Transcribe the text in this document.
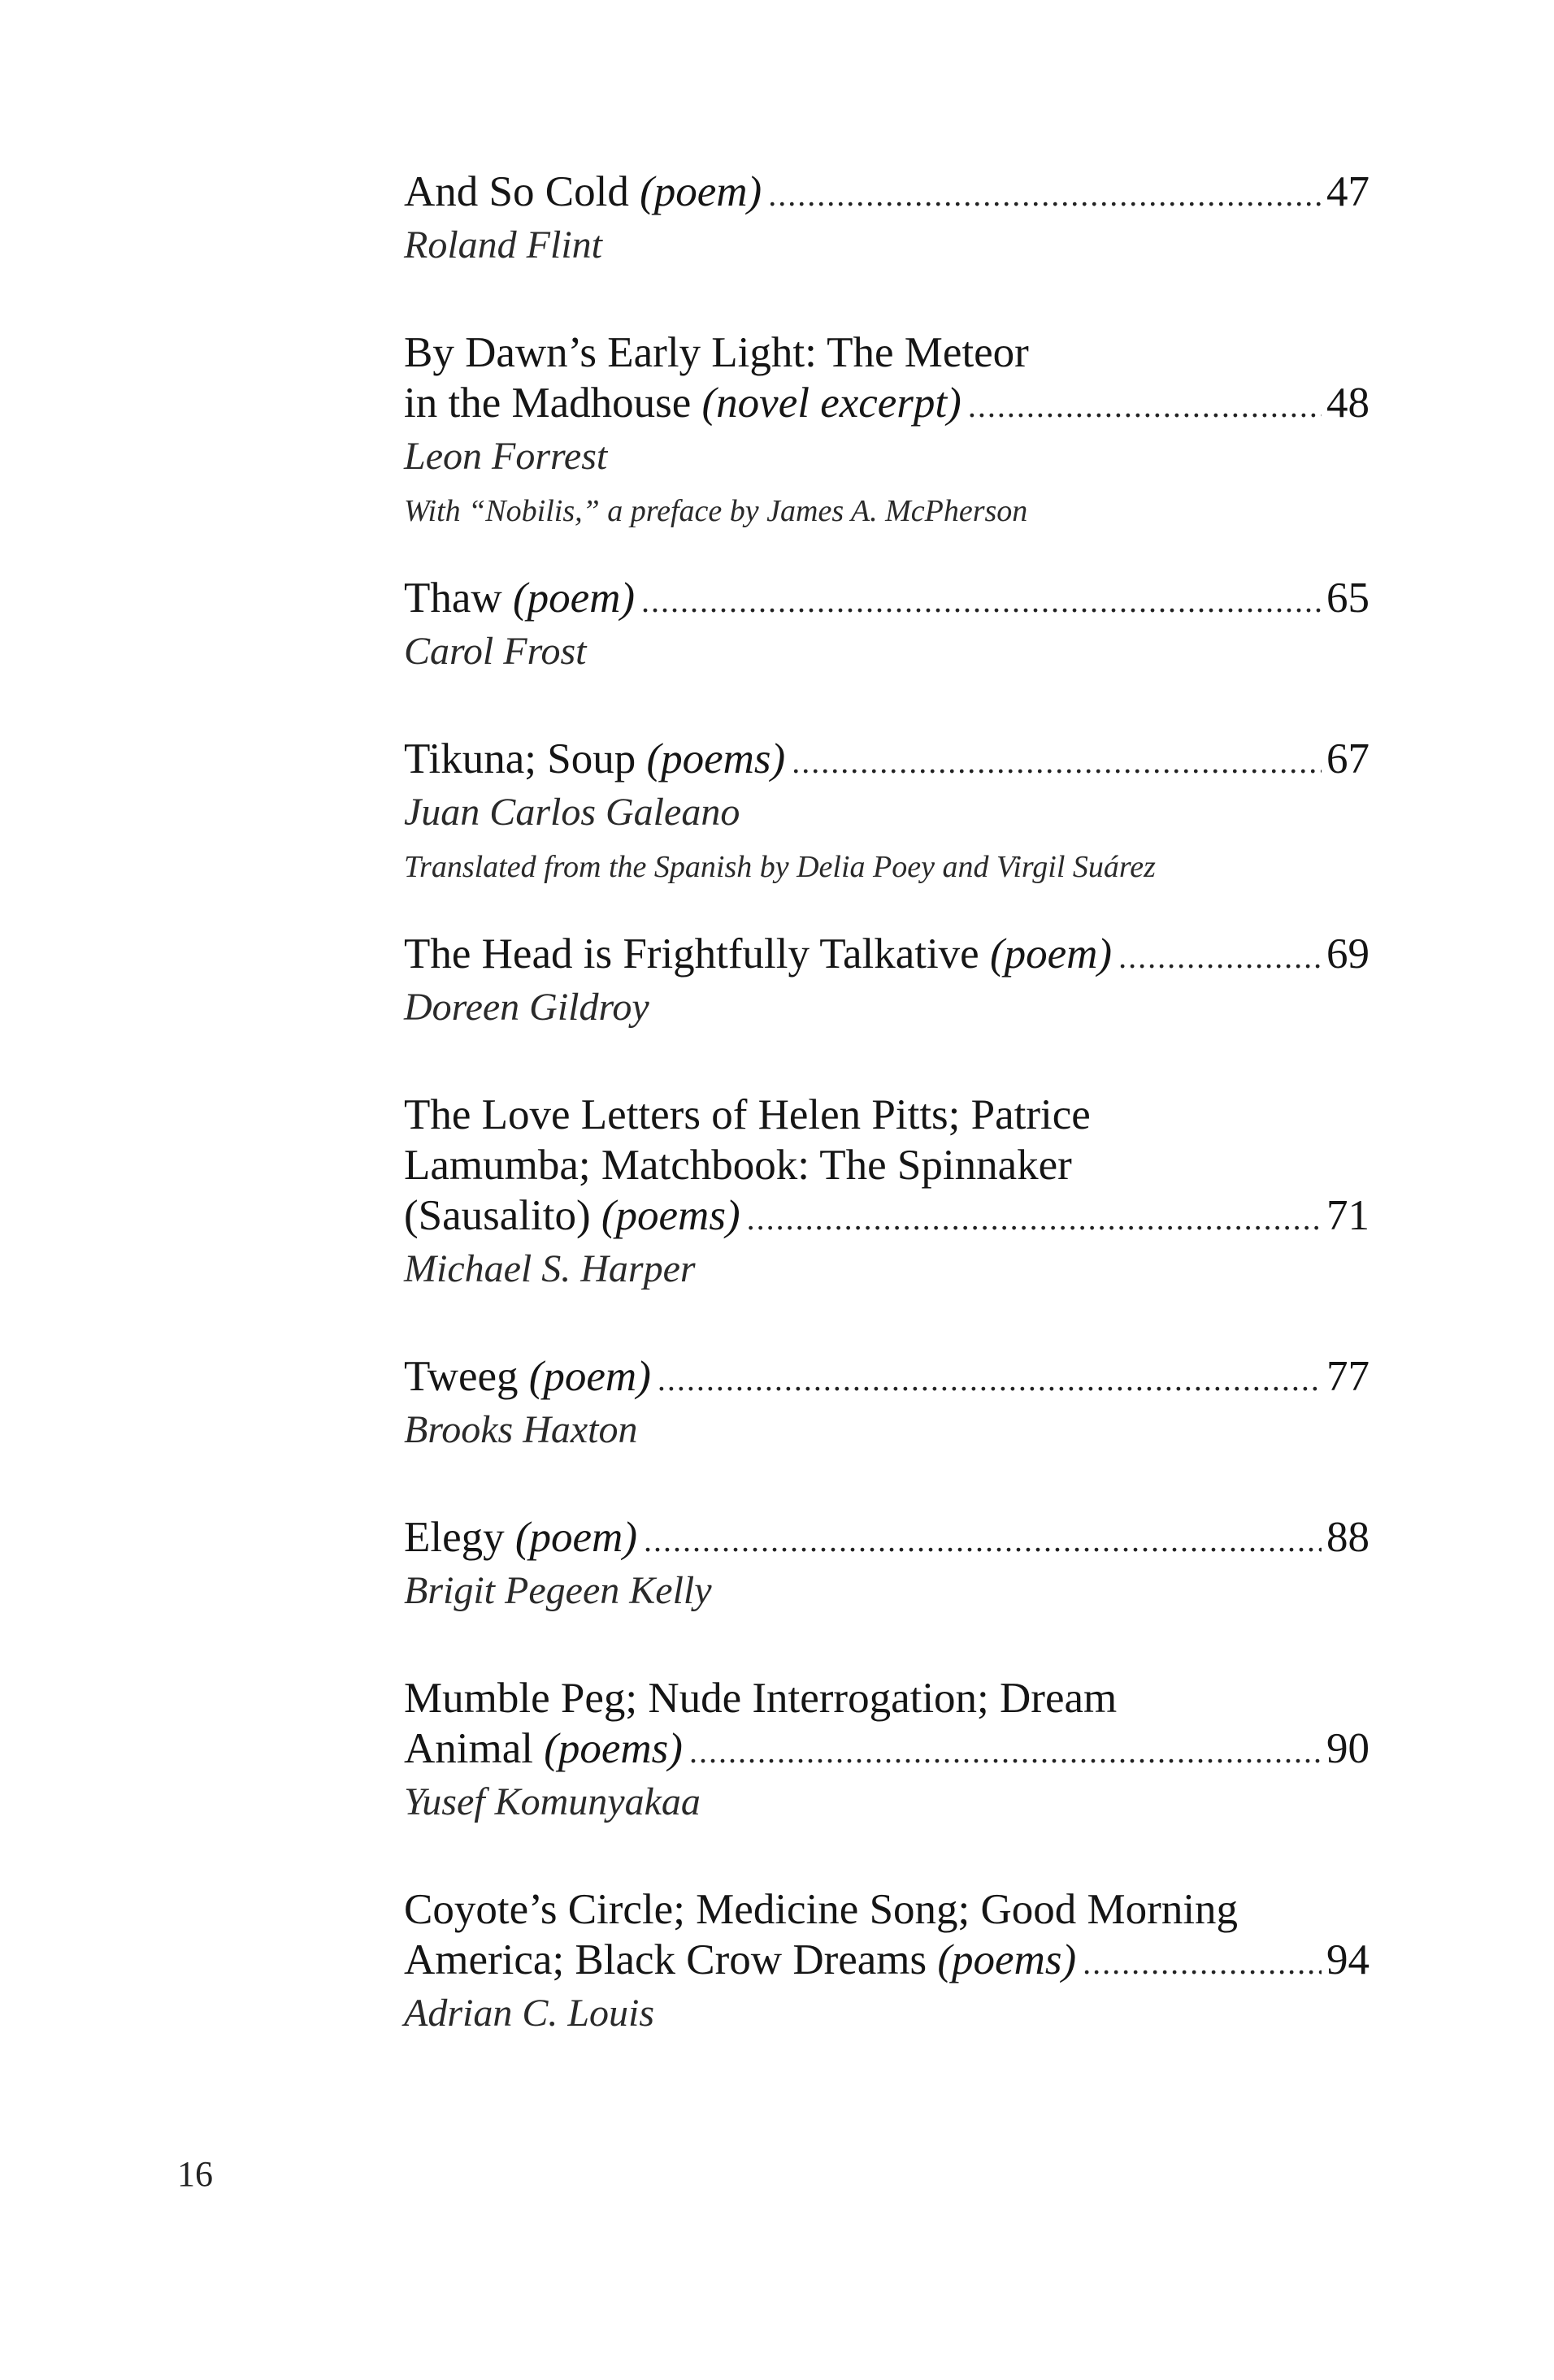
And So Cold (poem) .....	47
Roland Flint
By Dawn’s Early Light: The Meteor
in the Madhouse (novel excerpt) .....	48
Leon Forrest
With “Nobilis,” a preface by James A. McPherson
Thaw (poem) .....	65
Carol Frost
Tikuna; Soup (poems) .....	67
Juan Carlos Galeano
Translated from the Spanish by Delia Poey and Virgil Suárez
The Head is Frightfully Talkative (poem) .....	69
Doreen Gildroy
The Love Letters of Helen Pitts; Patrice
Lamumba; Matchbook: The Spinnaker
(Sausalito) (poems) .....	71
Michael S. Harper
Tweeg (poem) .....	77
Brooks Haxton
Elegy (poem) .....	88
Brigit Pegeen Kelly
Mumble Peg; Nude Interrogation; Dream
Animal (poems) .....	90
Yusef Komunyakaa
Coyote’s Circle; Medicine Song; Good Morning
America; Black Crow Dreams (poems) .....	94
Adrian C. Louis
16
